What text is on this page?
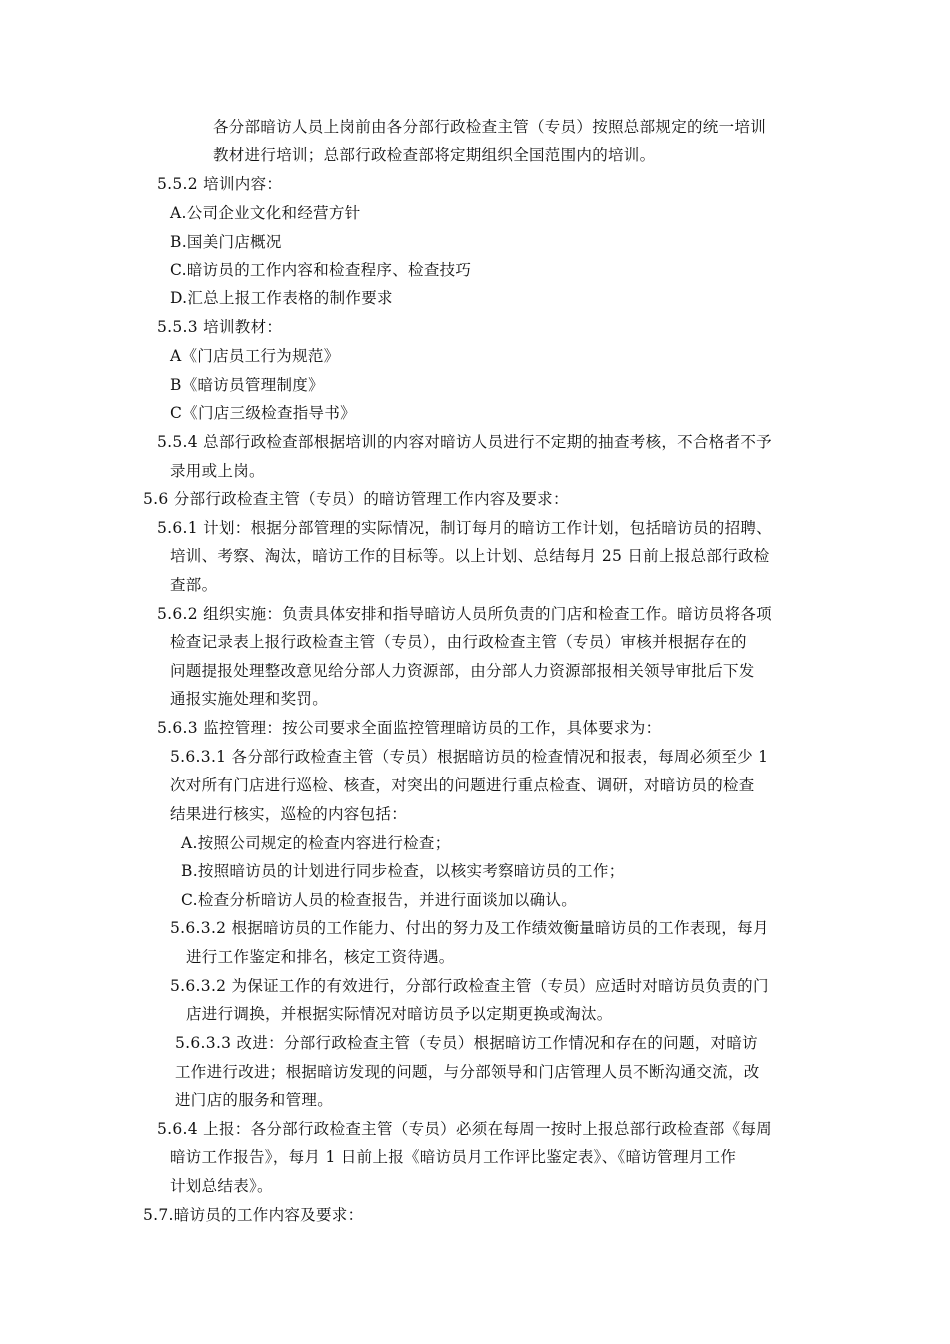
各分部暗访人员上岗前由各分部行政检查主管（专员）按照总部规定的统一培训
教材进行培训；总部行政检查部将定期组织全国范围内的培训。
5.5.2 培训内容：
A.公司企业文化和经营方针
B.国美门店概况
C.暗访员的工作内容和检查程序、检查技巧
D.汇总上报工作表格的制作要求
5.5.3 培训教材：
A《门店员工行为规范》
B《暗访员管理制度》
C《门店三级检查指导书》
5.5.4 总部行政检查部根据培训的内容对暗访人员进行不定期的抽查考核，不合格者不予
录用或上岗。
5.6 分部行政检查主管（专员）的暗访管理工作内容及要求：
5.6.1 计划：根据分部管理的实际情况，制订每月的暗访工作计划，包括暗访员的招聘、
培训、考察、淘汰，暗访工作的目标等。以上计划、总结每月 25 日前上报总部行政检
查部。
5.6.2 组织实施：负责具体安排和指导暗访人员所负责的门店和检查工作。暗访员将各项
检查记录表上报行政检查主管（专员），由行政检查主管（专员）审核并根据存在的
问题提报处理整改意见给分部人力资源部，由分部人力资源部报相关领导审批后下发
通报实施处理和奖罚。
5.6.3 监控管理：按公司要求全面监控管理暗访员的工作，具体要求为：
5.6.3.1 各分部行政检查主管（专员）根据暗访员的检查情况和报表，每周必须至少 1
次对所有门店进行巡检、核查，对突出的问题进行重点检查、调研，对暗访员的检查
结果进行核实，巡检的内容包括：
A.按照公司规定的检查内容进行检查；
B.按照暗访员的计划进行同步检查，以核实考察暗访员的工作；
C.检查分析暗访人员的检查报告，并进行面谈加以确认。
5.6.3.2 根据暗访员的工作能力、付出的努力及工作绩效衡量暗访员的工作表现，每月
进行工作鉴定和排名，核定工资待遇。
5.6.3.2 为保证工作的有效进行，分部行政检查主管（专员）应适时对暗访员负责的门
店进行调换，并根据实际情况对暗访员予以定期更换或淘汰。
5.6.3.3 改进：分部行政检查主管（专员）根据暗访工作情况和存在的问题，对暗访
工作进行改进；根据暗访发现的问题，与分部领导和门店管理人员不断沟通交流，改
进门店的服务和管理。
5.6.4 上报：各分部行政检查主管（专员）必须在每周一按时上报总部行政检查部《每周
暗访工作报告》，每月 1 日前上报《暗访员月工作评比鉴定表》、《暗访管理月工作
计划总结表》。
5.7.暗访员的工作内容及要求：
